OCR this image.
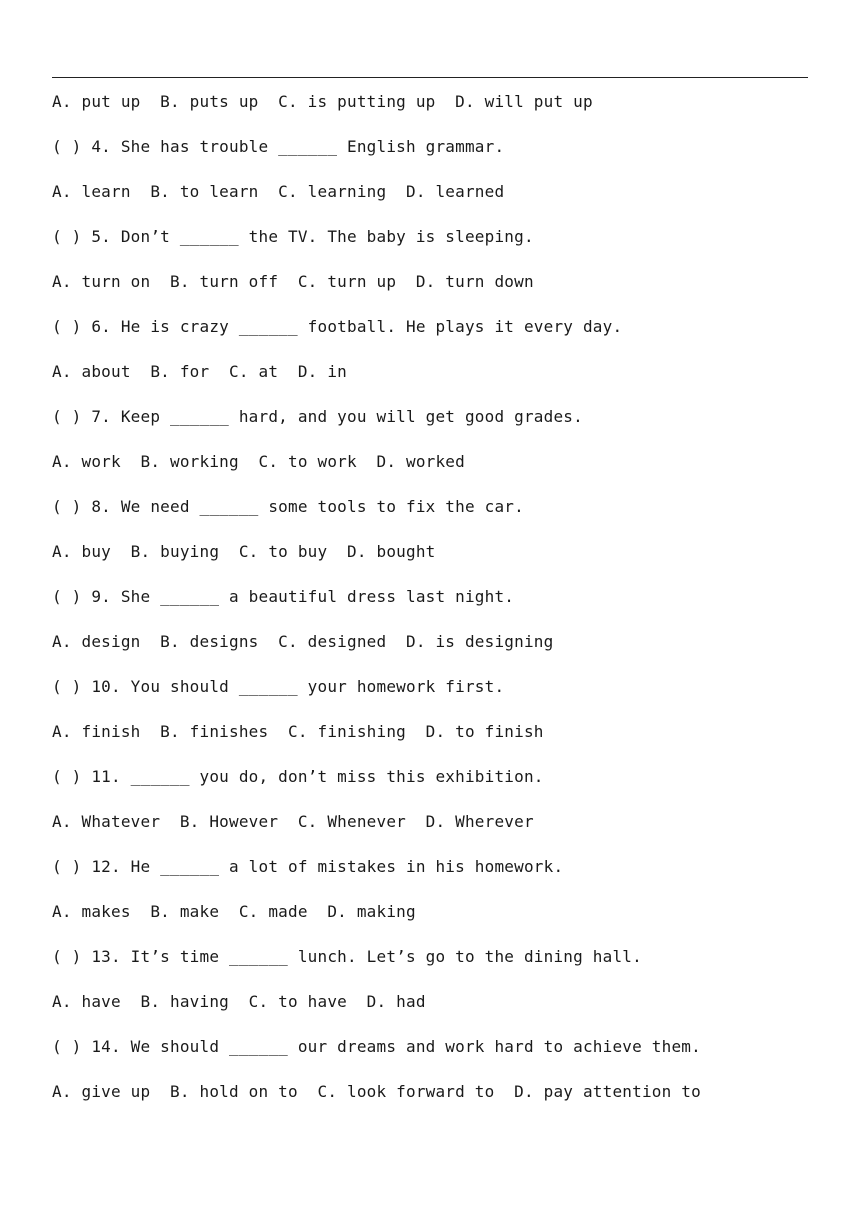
A. put up  B. puts up  C. is putting up  D. will put up
( ) 4. She has trouble ______ English grammar.
A. learn  B. to learn  C. learning  D. learned
( ) 5. Don’t ______ the TV. The baby is sleeping.
A. turn on  B. turn off  C. turn up  D. turn down
( ) 6. He is crazy ______ football. He plays it every day.
A. about  B. for  C. at  D. in
( ) 7. Keep ______ hard, and you will get good grades.
A. work  B. working  C. to work  D. worked
( ) 8. We need ______ some tools to fix the car.
A. buy  B. buying  C. to buy  D. bought
( ) 9. She ______ a beautiful dress last night.
A. design  B. designs  C. designed  D. is designing
( ) 10. You should ______ your homework first.
A. finish  B. finishes  C. finishing  D. to finish
( ) 11. ______ you do, don’t miss this exhibition.
A. Whatever  B. However  C. Whenever  D. Wherever
( ) 12. He ______ a lot of mistakes in his homework.
A. makes  B. make  C. made  D. making
( ) 13. It’s time ______ lunch. Let’s go to the dining hall.
A. have  B. having  C. to have  D. had
( ) 14. We should ______ our dreams and work hard to achieve them.
A. give up  B. hold on to  C. look forward to  D. pay attention to
